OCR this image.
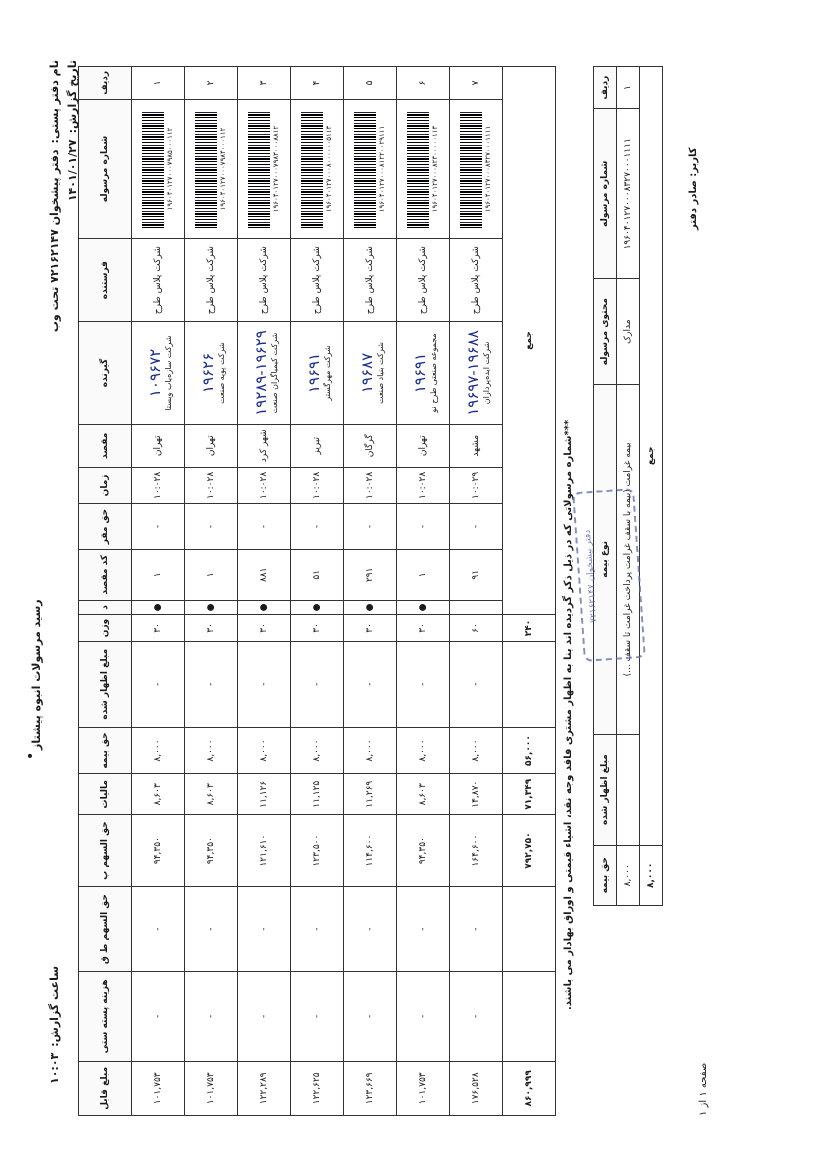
•
رسید مرسولات انبوه پیشتاز
نام دفتر پستی:دفتر پیشخوان ۷۲۱۶۲۱۴۷ تحت وب
تاریخ گزارش:۱۴۰۱/۰۱/۲۷
ساعت گزارش:۱۰:۰۳
ردیف	شماره مرسوله	فرستنده	گیرنده	مقصد	زمان	حق مقر	کد مقصد	د	وزن	مبلغ اظهار شده	حق بیمه	مالیات	حق السهم پ	حق السهم ط ق	هزینه پسته ستی	مبلغ قابل
۱	۱۹۶۰۴۰۱۲۷۰۰۰۷۹۸۵۰۰۰۱۱۲	شرکت پلاس طرح	۱۰۹۶۷۲ شرکت سازه‌یاب ویستا	تهران	۱۰:۰۲۸	-	۱	●	۳۰	-	۸,۰۰۰	۸,۶۰۳	۹۴,۳۵۰	-	-	۱۰۱,۷۵۳
۲	۱۹۶۰۴۰۱۲۷۰۰۰۷۹۸۴۰۰۰۱۱۲	شرکت پلاس طرح	۱۹۶۲۶ شرکت پویه صنعت	تهران	۱۰:۰۲۸	-	۱	●	۳۰	-	۸,۰۰۰	۸,۶۰۳	۹۴,۳۵۰	-	-	۱۰۱,۷۵۳
۳	۱۹۶۰۴۰۱۲۷۰۰۰۷۹۸۳۰۰۰۸۸۱۲	شرکت پلاس طرح	۱۹۲۸۹-۱۹۶۲۹ شرکت کیمیاگران صنعت	شهر کرد	۱۰:۰۲۸	-	۸۸۱	●	۳۰	-	۸,۰۰۰	۱۱,۱۲۶	۱۲۱,۶۱۰	-	-	۱۲۲,۲۸۹
۴	۱۹۶۰۴۰۱۲۷۰۰۰۸۰۰۰۰۰۰۵۱۱۳	شرکت پلاس طرح	۱۹۶۹۱ شرکت مهرگستر	تبریز	۱۰:۰۲۸	-	۵۱	●	۳۰	-	۸,۰۰۰	۱۱,۱۲۵	۱۲۳,۵۰۰	-	-	۱۲۲,۶۲۵
۵	۱۹۶۰۴۰۱۲۷۰۰۰۸۱۲۲۰۰۲۹۱۱۱	شرکت پلاس طرح	۱۹۶۸۷ شرکت بنیاد صنعت	گرگان	۱۰:۰۲۸	-	۲۹۱	●	۳۰	-	۸,۰۰۰	۱۱,۲۶۹	۱۱۴,۶۰۰	-	-	۱۲۳,۶۶۹
۶	۱۹۶۰۴۰۱۲۷۰۰۰۸۲۳۰۰۰۰۰۱۱۳	شرکت پلاس طرح	۱۹۶۹۱ مجموعه صنعتی طرح نو	تهران	۱۰:۰۲۸	-	۱	●	۳۰	-	۸,۰۰۰	۸,۶۰۳	۹۴,۳۵۰	-	-	۱۰۱,۷۵۳
۷	۱۹۶۰۴۰۱۲۷۰۰۰۸۳۲۷۰۰۰۱۱۱۱	شرکت پلاس طرح	۱۹۶۹۷-۱۹۶۸۸ شرکت ایده‌پردازان	مشهد	۱۰:۰۲۹	-	۹۱		۶۰	-	۸,۰۰۰	۱۴,۸۷۰	۱۶۴,۶۰۰	-	-	۱۷۶,۵۲۸
جمع									۲۴۰		۵۶,۰۰۰	۷۱,۳۴۹	۷۹۲,۷۵۰			۸۶۰,۹۹۹
***شماره مرسولاتی که در ذیل ذکر گردیده اند بنا به اظهار مشتری فاقد وجه نقد، اشیاء قیمتی و اوراق بهادار می باشند.
ردیف	شماره مرسوله	محتوی مرسوله	نوع بیمه	مبلغ اظهار شده	حق بیمه
۱	۱۹۶۰۴۰۱۲۷۰۰۰۸۳۲۷۰۰۰۱۱۱۱	مدارک	بیمه غرامت (بیمه با سقف غرامت پرداخت غرامت تا سقف ...)		۸,۰۰۰
جمع					۸,۰۰۰
دفتر پیشخوان ۷۲۱۶۲۱۴۷
کاربر: صادر دفتر
صفحه ۱ از ۱
